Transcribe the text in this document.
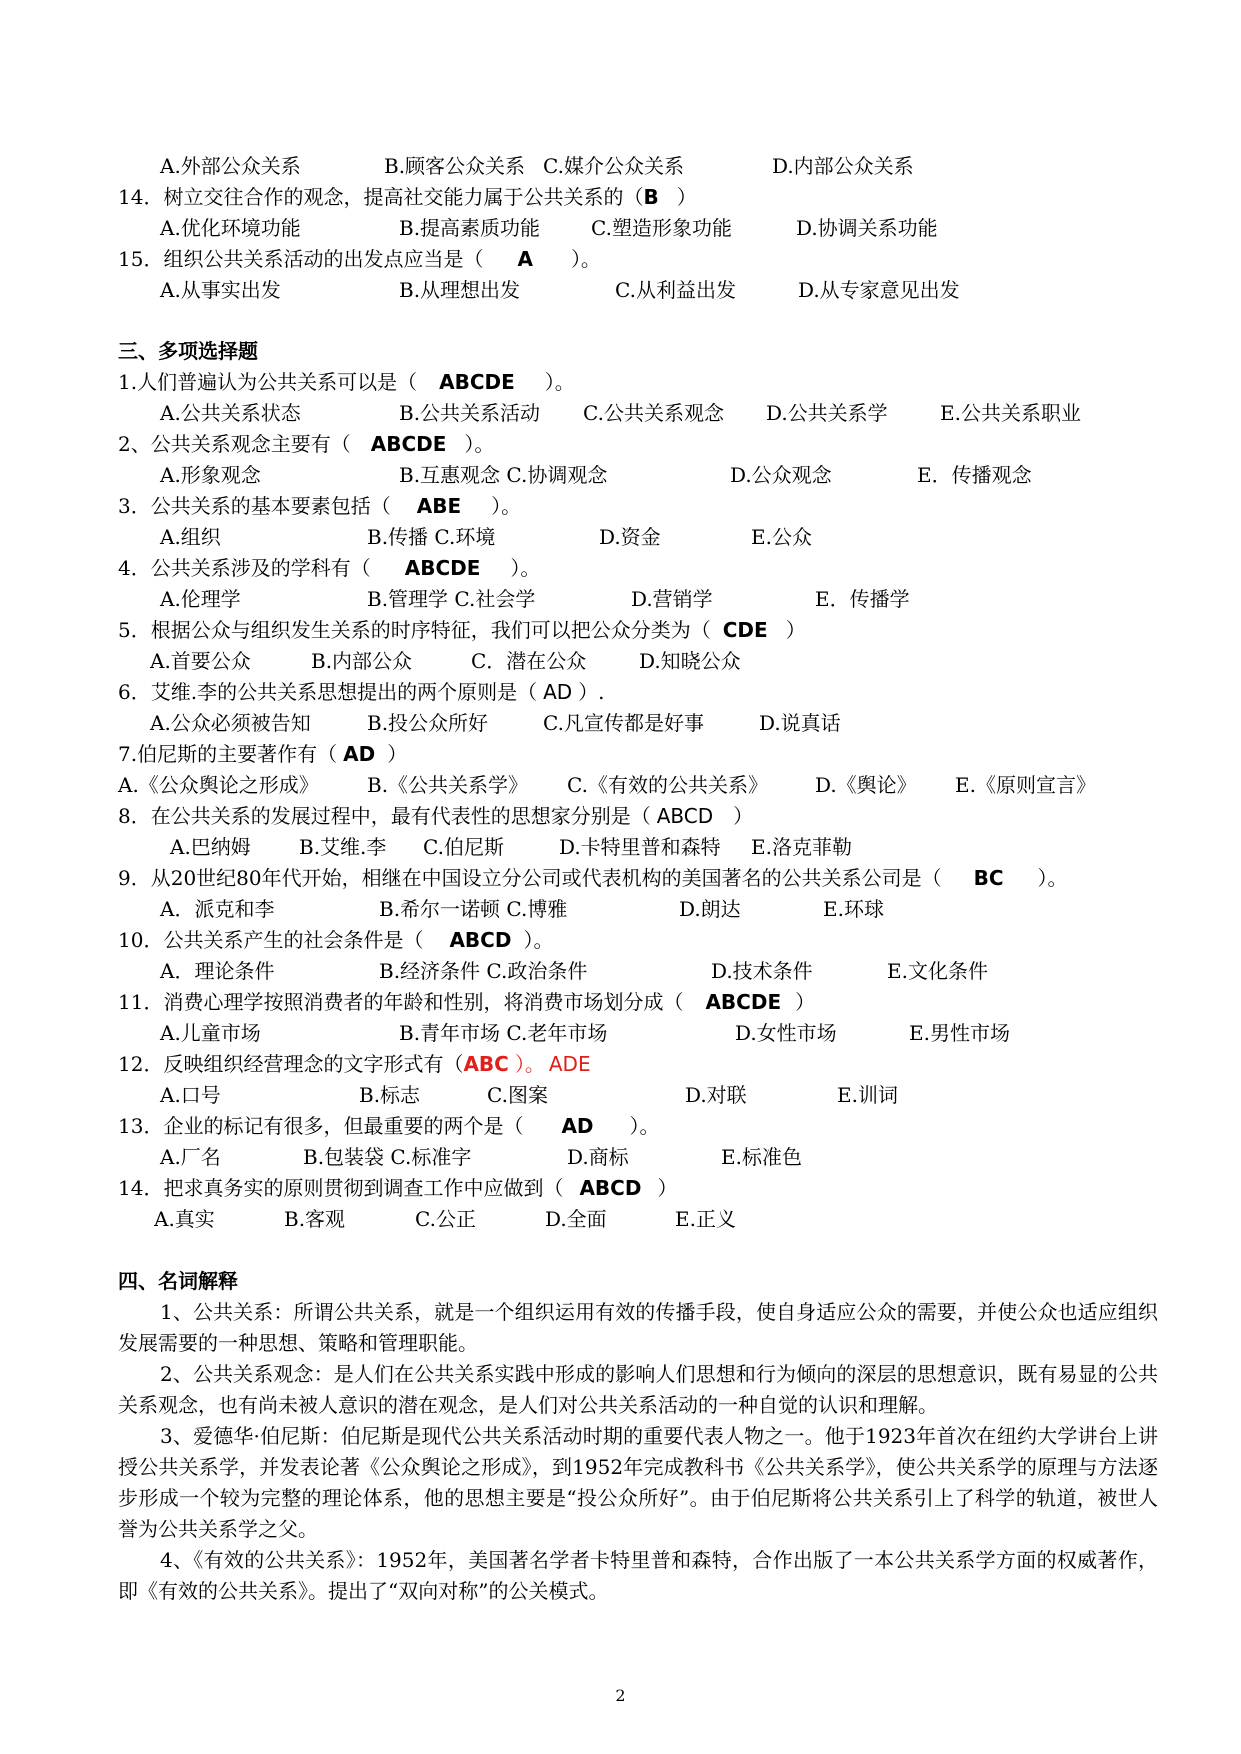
A.外部公众关系	B.顾客公众关系 C.媒介公众关系	D.内部公众关系
14．树立交往合作的观念，提高社交能力属于公共关系的（B ）
A.优化环境功能	B.提高素质功能	C.塑造形象功能	D.协调关系功能
15．组织公共关系活动的出发点应当是（ A ）。
A.从事实出发	B.从理想出发	C.从利益出发	D.从专家意见出发
三、多项选择题
1.人们普遍认为公共关系可以是（ ABCDE ）。
A.公共关系状态	B.公共关系活动 C.公共关系观念 D.公共关系学	E.公共关系职业
2、公共关系观念主要有（ ABCDE ）。
A.形象观念	B.互惠观念 C.协调观念	D.公众观念	E．传播观念
3．公共关系的基本要素包括（ ABE ）。
A.组织	B.传播 C.环境	D.资金	E.公众
4．公共关系涉及的学科有（ ABCDE ）。
A.伦理学	B.管理学 C.社会学	D.营销学	E．传播学
5．根据公众与组织发生关系的时序特征，我们可以把公众分类为（ CDE ）
A.首要公众	B.内部公众	C．潜在公众	D.知晓公众
6．艾维.李的公共关系思想提出的两个原则是（ AD ）.
A.公众必须被告知	B.投公众所好	C.凡宣传都是好事	D.说真话
7.伯尼斯的主要著作有（ AD ）
A.《公众舆论之形成》 B.《公共关系学》 C.《有效的公共关系》 D.《舆论》 E.《原则宣言》
8．在公共关系的发展过程中，最有代表性的思想家分别是（ ABCD ）
A.巴纳姆 B.艾维.李 C.伯尼斯	D.卡特里普和森特 E.洛克菲勒
9．从20世纪80年代开始，相继在中国设立分公司或代表机构的美国著名的公共关系公司是（ BC ）。
A．派克和李	B.希尔一诺顿 C.博雅	D.朗达	E.环球
10．公共关系产生的社会条件是（ ABCD ）。
A．理论条件	B.经济条件 C.政治条件	D.技术条件	E.文化条件
11．消费心理学按照消费者的年龄和性别，将消费市场划分成（ ABCDE ）
A.儿童市场	B.青年市场 C.老年市场	D.女性市场	E.男性市场
12．反映组织经营理念的文字形式有（ABC ）。 ADE
A.口号	B.标志	C.图案	D.对联	E.训词
13．企业的标记有很多，但最重要的两个是（ AD ）。
A.厂名	B.包装袋 C.标准字	D.商标	E.标准色
14．把求真务实的原则贯彻到调查工作中应做到（ ABCD ）
A.真实	B.客观	C.公正	D.全面	E.正义
四、名词解释
1、公共关系：所谓公共关系，就是一个组织运用有效的传播手段，使自身适应公众的需要，并使公众也适应组织发展需要的一种思想、策略和管理职能。
2、公共关系观念：是人们在公共关系实践中形成的影响人们思想和行为倾向的深层的思想意识，既有易显的公共关系观念，也有尚未被人意识的潜在观念，是人们对公共关系活动的一种自觉的认识和理解。
3、爱德华·伯尼斯：伯尼斯是现代公共关系活动时期的重要代表人物之一。他于1923年首次在纽约大学讲台上讲授公共关系学，并发表论著《公众舆论之形成》，到1952年完成教科书《公共关系学》，使公共关系学的原理与方法逐步形成一个较为完整的理论体系，他的思想主要是“投公众所好”。由于伯尼斯将公共关系引上了科学的轨道，被世人誉为公共关系学之父。
4、《有效的公共关系》：1952年，美国著名学者卡特里普和森特，合作出版了一本公共关系学方面的权威著作，即《有效的公共关系》。提出了“双向对称”的公关模式。
2
